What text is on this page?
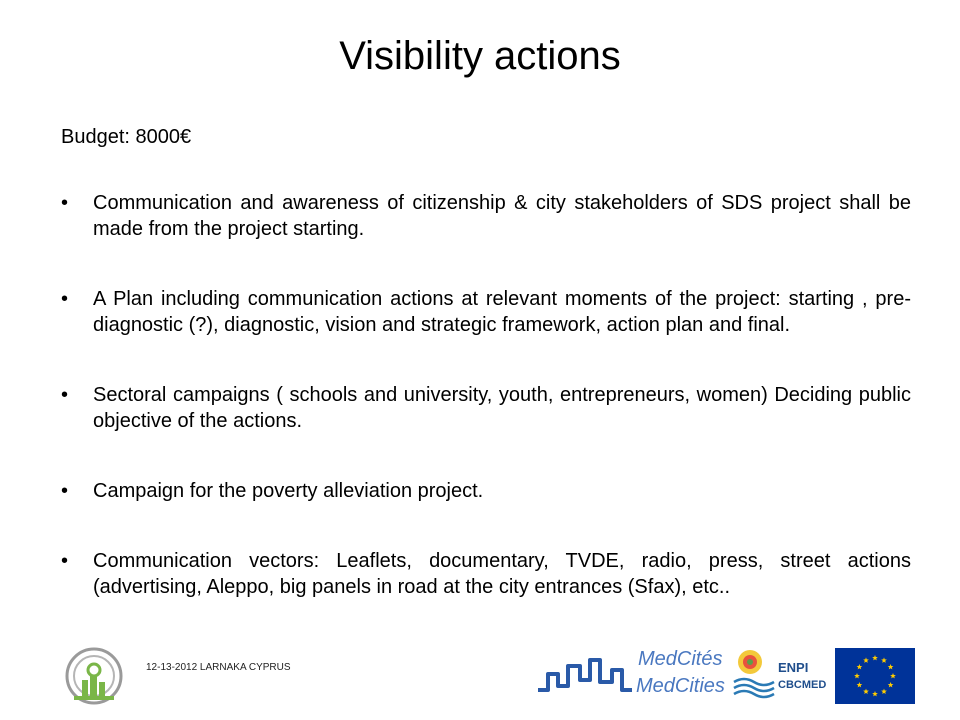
Visibility actions
Budget: 8000€
• Communication and awareness of citizenship & city stakeholders of SDS project shall be made from the project starting.
• A Plan including communication actions at relevant moments of the project: starting , pre-diagnostic (?), diagnostic, vision and strategic framework, action plan and final.
• Sectoral campaigns ( schools and university, youth, entrepreneurs, women) Deciding public objective of the actions.
• Campaign for the poverty alleviation project.
• Communication vectors: Leaflets, documentary, TVDE, radio, press, street actions (advertising, Aleppo, big panels in road at the city entrances (Sfax), etc..
12-13-2012 LARNAKA CYPRUS	MedCités
MedCities
ENPI
CBCMED
